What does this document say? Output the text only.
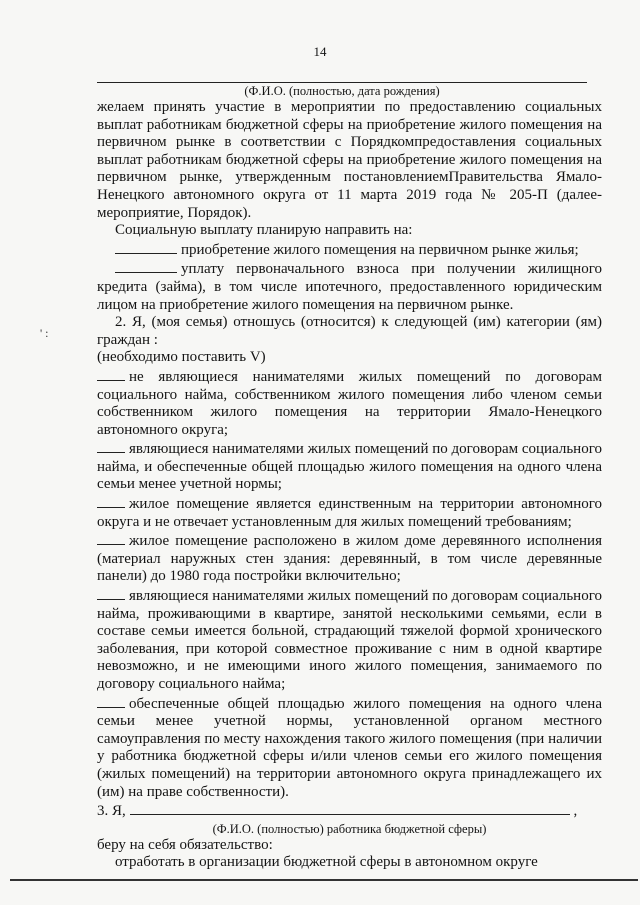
14
(Ф.И.О. (полностью, дата рождения)
' :

желаем принять участие в мероприятии по предоставлению социальных выплат работникам бюджетной сферы на приобретение жилого помещения на первичном рынке в соответствии с Порядкомпредоставления социальных выплат работникам бюджетной сферы на приобретение жилого помещения на первичном рынке, утвержденным постановлениемПравительства Ямало-Ненецкого автономного округа от 11 марта 2019 года № 205-П (далее-мероприятие, Порядок).

Социальную выплату планирую направить на:

приобретение жилого помещения на первичном рынке жилья;

уплату первоначального взноса при получении жилищного кредита (займа), в том числе ипотечного, предоставленного юридическим лицом на приобретение жилого помещения на первичном рынке.

2. Я, (моя семья) отношусь (относится) к следующей (им) категории (ям) граждан :

(необходимо поставить V)

не являющиеся нанимателями жилых помещений по договорам социального найма, собственником жилого помещения либо членом семьи собственником жилого помещения на территории Ямало-Ненецкого автономного округа;

являющиеся нанимателями жилых помещений по договорам социального найма, и обеспеченные общей площадью жилого помещения на одного члена семьи менее учетной нормы;

жилое помещение является единственным на территории автономного округа и не отвечает установленным для жилых помещений требованиям;

жилое помещение расположено в жилом доме деревянного исполнения (материал наружных стен здания: деревянный, в том числе деревянные панели) до 1980 года постройки включительно;

являющиеся нанимателями жилых помещений по договорам социального найма, проживающими в квартире, занятой несколькими семьями, если в составе семьи имеется больной, страдающий тяжелой формой хронического заболевания, при которой совместное проживание с ним в одной квартире невозможно, и не имеющими иного жилого помещения, занимаемого по договору социального найма;

обеспеченные общей площадью жилого помещения на одного члена семьи менее учетной нормы, установленной органом местного самоуправления по месту нахождения такого жилого помещения (при наличии у работника бюджетной сферы и/или членов семьи его жилого помещения (жилых помещений) на территории автономного округа принадлежащего их (им) на праве собственности).

3. Я,	,

(Ф.И.О. (полностью) работника бюджетной сферы)

беру на себя обязательство:

отработать в организации бюджетной сферы в автономном округе
